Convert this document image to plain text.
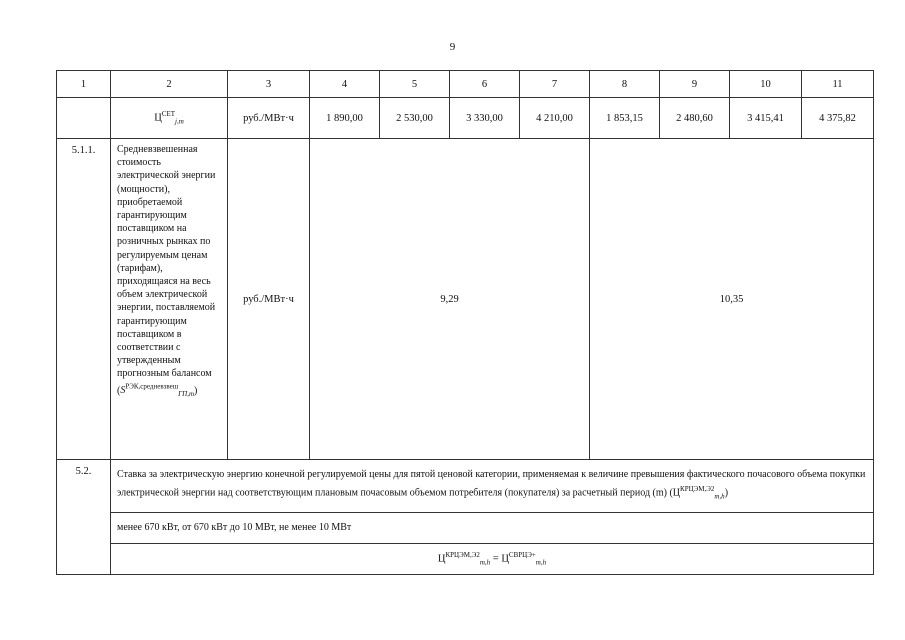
9
1	2	3	4	5	6	7	8	9	10	11
	$Ц^{СЕТ}_{j,m}$	руб./МВт·ч	1 890,00	2 530,00	3 330,00	4 210,00	1 853,15	2 480,60	3 415,41	4 375,82
5.1.1.	Средневзвешенная стоимость электрической энергии (мощности), приобретаемой гарантирующим поставщиком на розничных рынках по регулируемым ценам (тарифам), приходящаяся на весь объем электрической энергии, поставляемой гарантирующим поставщиком в соответствии с утвержденным прогнозным балансом $(S^{РЭК,средневзвеш}_{ГП,m})$	руб./МВт·ч	9,29				10,35			
5.2.	Ставка за электрическую энергию конечной регулируемой цены для пятой ценовой категории, применяемая к величине превышения фактического почасового объема покупки электрической энергии над соответствующим плановым почасовым объемом потребителя (покупателя) за расчетный период (m) $(Ц^{КРЦЭМ,Э2}_{m,h})$									
	менее 670 кВт, от 670 кВт до 10 МВт, не менее 10 МВт									
	$Ц^{КРЦЭМ,Э2}_{m,h} = Ц^{СВРЦЭ+}_{m,h}$
